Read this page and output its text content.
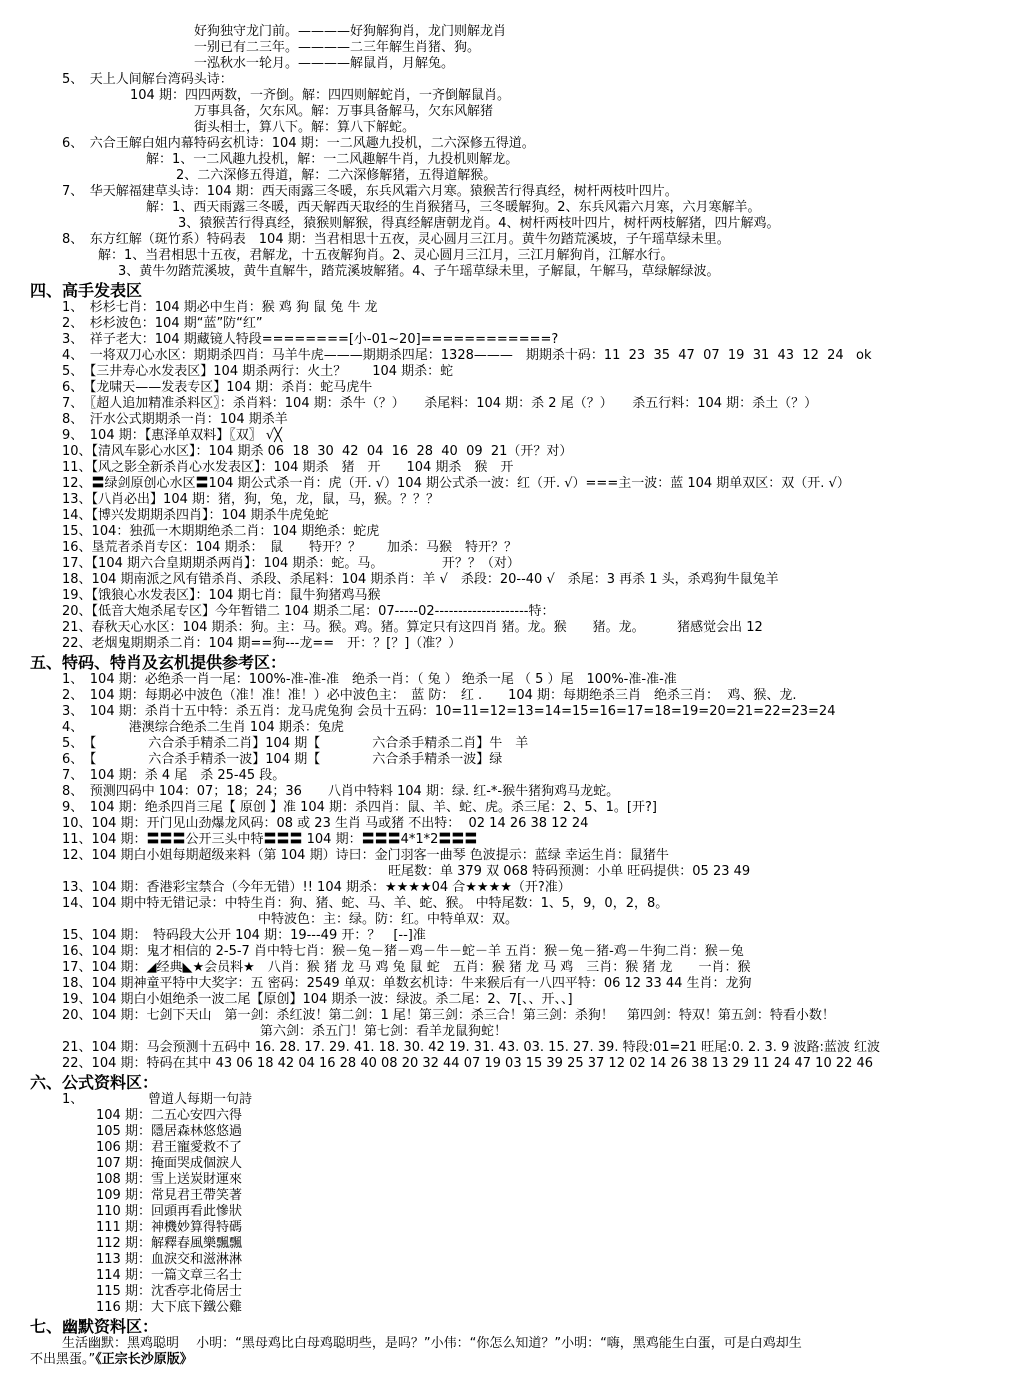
好狗独守龙门前。————好狗解狗肖，龙门则解龙肖
一别已有二三年。————二三年解生肖猪、狗。
一泓秋水一轮月。————解鼠肖，月解兔。
5、　天上人间解台湾码头诗：
104 期：四四两数，一齐倒。解：四四则解蛇肖，一齐倒解鼠肖。
万事具备，欠东风。解：万事具备解马，欠东风解猪
街头相士，算八下。解：算八下解蛇。
6、　六合王解白姐内幕特码玄机诗：104 期：一二风趣九投机，二六深修五得道。
解：1、一二风趣九投机，解：一二风趣解牛肖，九投机则解龙。
2、二六深修五得道，解：二六深修解猪，五得道解猴。
7、　华天解福建草头诗：104 期：西天雨露三冬暖，东兵风霜六月寒。猿猴苦行得真经，树杆两枝叶四片。
解：1、西天雨露三冬暖，西天解西天取经的生肖猴猪马，三冬暖解狗。2、东兵风霜六月寒，六月寒解羊。
3、猿猴苦行得真经，猿猴则解猴，得真经解唐朝龙肖。4、树杆两枝叶四片，树杆两枝解猪，四片解鸡。
8、　东方红解（斑竹系）特码表　104 期：当君相思十五夜，灵心圆月三江月。黄牛勿踏荒溪坡，子午瑶草绿未里。
解：1、当君相思十五夜，君解龙，十五夜解狗肖。2、灵心圆月三江月，三江月解狗肖，江解水行。
3、黄牛勿踏荒溪坡，黄牛直解牛，踏荒溪坡解猪。4、子午瑶草绿未里，子解鼠，午解马，草绿解绿波。
四、高手发表区
1、　杉杉七肖：104 期必中生肖：猴 鸡 狗 鼠 兔 牛 龙
2、　杉杉波色：104 期“蓝”防“红”
3、　祥子老大：104 期藏镜人特段========[小-01~20]============?
4、　一将双刀心水区：期期杀四肖：马羊牛虎———期期杀四尾：1328———　期期杀十码：11  23  35  47  07  19  31  43  12  24   ok
5、　【三井寿心水发表区】104 期杀两行：火土？　　104 期杀：蛇
6、　【龙啸天——发表专区】104 期：杀肖：蛇马虎牛
7、　〖超人追加精准杀料区〗：杀肖料：104 期：杀牛（？）　　杀尾料：104 期：杀 2 尾（？）　　杀五行料：104 期：杀土（？）
8、　汗水公式期期杀一肖：104 期杀羊
9、　104 期：【惠泽单双料】〖双〗 √╳
10、【清风车影心水区】：104 期杀 06  18  30  42  04  16  28  40  09  21（开？对）
11、【风之影全新杀肖心水发表区】：104 期杀　猪　开　　104 期杀　猴　开
12、〓绿剑原创心水区〓104 期公式杀一肖：虎（开. √）104 期公式杀一波：红（开. √）===主一波：蓝 104 期单双区：双（开. √）
13、【八肖必出】104 期：猪，狗，兔，龙，鼠，马，猴。？？？
14、【博兴发期期杀四肖】：104 期杀牛虎兔蛇
15、104：独孤一木期期绝杀二肖：104 期绝杀：蛇虎
16、垦荒者杀肖专区：104 期杀：　鼠　　特开？？　　加杀：马猴　特开？？
17、【104 期六合皇期期杀两肖】：104 期杀：蛇。马。　　　　　开？？（对）
18、104 期南派之风有错杀肖、杀段、杀尾料：104 期杀肖：羊 √　杀段：20--40 √　杀尾：3 再杀 1 头，杀鸡狗牛鼠兔羊
19、【饿狼心水发表区】：104 期七肖：鼠牛狗猪鸡马猴
20、【低音大炮杀尾专区】今年暂错二 104 期杀二尾：07-----02--------------------特：
21、春秋天心水区：104 期杀：狗。主：马。猴。鸡。猪。算定只有这四肖 猪。龙。猴　　猪。龙。　　　猪感觉会出 12
22、老烟鬼期期杀二肖：104 期==狗---龙==　开：？[？]（准？）
五、特码、特肖及玄机提供参考区：
1、　104 期：必绝杀一肖一尾：100%-准-准-准　绝杀一肖：（ 兔 ） 绝杀一尾 （ 5 ）尾　100%-准-准-准
2、　104 期：每期必中波色（准！准！准！）必中波色主：　蓝 防：　红 .　　104 期：每期绝杀三肖　绝杀三肖：  鸡、猴、龙.
3、　104 期：杀肖十五中特：杀五肖：龙马虎兔狗 会员十五码：10=11=12=13=14=15=16=17=18=19=20=21=22=23=24
4、　　　　港澳综合绝杀二生肖 104 期杀：兔虎
5、　【　　　　六合杀手精杀二肖】104 期【　　　　六合杀手精杀二肖】牛　羊
6、　【　　　　六合杀手精杀一波】104 期【　　　　六合杀手精杀一波】绿
7、　104 期：杀 4 尾　杀 25-45 段。
8、　预测四码中 104：07；18；24；36　　八肖中特料 104 期：绿. 红-*-猴牛猪狗鸡马龙蛇。
9、　104 期：绝杀四肖三尾【 原创 】准 104 期：杀四肖：鼠、羊、蛇、虎。杀三尾：2、5、1。[开?]
10、104 期：开门见山劲爆龙风码：08 或 23 生肖 马或猪 不出特：  02 14 26 38 12 24
11、104 期：〓〓〓公开三头中特〓〓〓 104 期：〓〓〓4*1*2〓〓〓
12、104 期白小姐每期超级来料（第 104 期）诗曰：金门羽客一曲琴 色波提示：蓝绿 幸运生肖：鼠猪牛
旺尾数：单 379 双 068 特码预测：小单 旺码提供：05 23 49
13、104 期：香港彩宝禁合（今年无错）!! 104 期杀：★★★★04 合★★★★（开?准）
14、104 期中特无错记录：中特生肖：狗、猪、蛇、马、羊、蛇、猴。 中特尾数：1、5，9，0，2，8。
中特波色：主：绿。防：红。中特单双：双。
15、104 期：　特码段大公开 104 期：19---49 开：？　[--]准
16、104 期：鬼才相信的 2-5-7 肖中特七肖：猴－兔－猪－鸡－牛－蛇－羊 五肖：猴－兔－猪-鸡－牛狗二肖：猴－兔
17、104 期：◢经典◣★会员料★　八肖：猴 猪 龙 马 鸡 兔 鼠 蛇　五肖：猴 猪 龙 马 鸡　三肖：猴 猪 龙　　一肖：猴
18、104 期神童平特中大奖字：五 密码：2549 单双：单数玄机诗：牛来猴后有一八四平特：06 12 33 44 生肖：龙狗
19、104 期白小姐绝杀一波二尾【原创】104 期杀一波：绿波。杀二尾：2、7[、、开、、]
20、104 期：七剑下天山　第一剑：杀红波！第二剑：1 尾！第三剑：杀三合！第三剑：杀狗！　第四剑：特双！第五剑：特看小数！
第六剑：杀五门！第七剑：看羊龙鼠狗蛇！
21、104 期：马会预测十五码中 16. 28. 17. 29. 41. 18. 30. 42 19. 31. 43. 03. 15. 27. 39. 特段:01=21 旺尾:0. 2. 3. 9 波路:蓝波 红波
22、104 期：特码在其中 43 06 18 42 04 16 28 40 08 20 32 44 07 19 03 15 39 25 37 12 02 14 26 38 13 29 11 24 47 10 22 46
六、公式资料区：
1、	曾道人每期一句詩
104 期：二五心安四六得
105 期：隱居森林悠悠過
106 期：君王寵愛救不了
107 期：掩面哭成個淚人
108 期：雪上送炭財運來
109 期：常見君王帶笑著
110 期：回頭再看此慘狀
111 期：神機妙算得特碼
112 期：解釋春風樂飄飄
113 期：血淚交和滋淋淋
114 期：一篇文章三名士
115 期：沈香亭北倚居士
116 期：大下底下鐵公雞
七、幽默资料区：
生活幽默：黑鸡聪明　 小明：“黑母鸡比白母鸡聪明些，是吗？”小伟：“你怎么知道？”小明：“嗨，黑鸡能生白蛋，可是白鸡却生
不出黑蛋。”《正宗长沙原版》
